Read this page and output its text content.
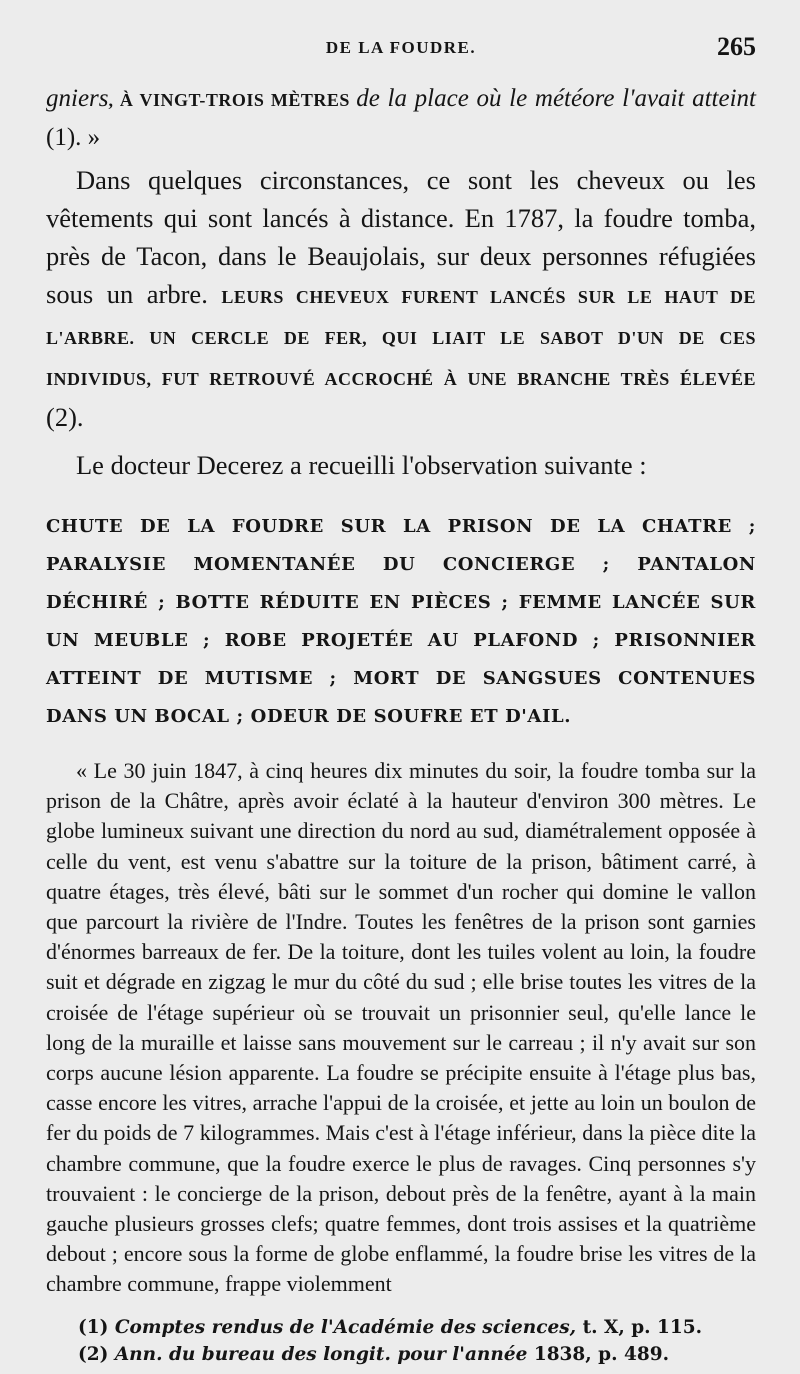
DE LA FOUDRE.	265
gniers, À VINGT-TROIS MÈTRES de la place où le météore l'avait atteint (1). »
Dans quelques circonstances, ce sont les cheveux ou les vêtements qui sont lancés à distance. En 1787, la foudre tomba, près de Tacon, dans le Beaujolais, sur deux personnes réfugiées sous un arbre. LEURS CHEVEUX FURENT LANCÉS SUR LE HAUT DE L'ARBRE. UN CERCLE DE FER, QUI LIAIT LE SABOT D'UN DE CES INDIVIDUS, FUT RETROUVÉ ACCROCHÉ À UNE BRANCHE TRÈS ÉLEVÉE (2).
Le docteur Decerez a recueilli l'observation suivante :
CHUTE DE LA FOUDRE SUR LA PRISON DE LA CHATRE ; PARALYSIE MOMENTANÉE DU CONCIERGE ; PANTALON DÉCHIRÉ ; BOTTE RÉDUITE EN PIÈCES ; FEMME LANCÉE SUR UN MEUBLE ; ROBE PROJETÉE AU PLAFOND ; PRISONNIER ATTEINT DE MUTISME ; MORT DE SANGSUES CONTENUES DANS UN BOCAL ; ODEUR DE SOUFRE ET D'AIL.
« Le 30 juin 1847, à cinq heures dix minutes du soir, la foudre tomba sur la prison de la Châtre, après avoir éclaté à la hauteur d'environ 300 mètres. Le globe lumineux suivant une direction du nord au sud, diamétralement opposée à celle du vent, est venu s'abattre sur la toiture de la prison, bâtiment carré, à quatre étages, très élevé, bâti sur le sommet d'un rocher qui domine le vallon que parcourt la rivière de l'Indre. Toutes les fenêtres de la prison sont garnies d'énormes barreaux de fer. De la toiture, dont les tuiles volent au loin, la foudre suit et dégrade en zigzag le mur du côté du sud ; elle brise toutes les vitres de la croisée de l'étage supérieur où se trouvait un prisonnier seul, qu'elle lance le long de la muraille et laisse sans mouvement sur le carreau ; il n'y avait sur son corps aucune lésion apparente. La foudre se précipite ensuite à l'étage plus bas, casse encore les vitres, arrache l'appui de la croisée, et jette au loin un boulon de fer du poids de 7 kilogrammes. Mais c'est à l'étage inférieur, dans la pièce dite la chambre commune, que la foudre exerce le plus de ravages. Cinq personnes s'y trouvaient : le concierge de la prison, debout près de la fenêtre, ayant à la main gauche plusieurs grosses clefs; quatre femmes, dont trois assises et la quatrième debout ; encore sous la forme de globe enflammé, la foudre brise les vitres de la chambre commune, frappe violemment
(1) Comptes rendus de l'Académie des sciences, t. X, p. 115.
(2) Ann. du bureau des longit. pour l'année 1838, p. 489.
